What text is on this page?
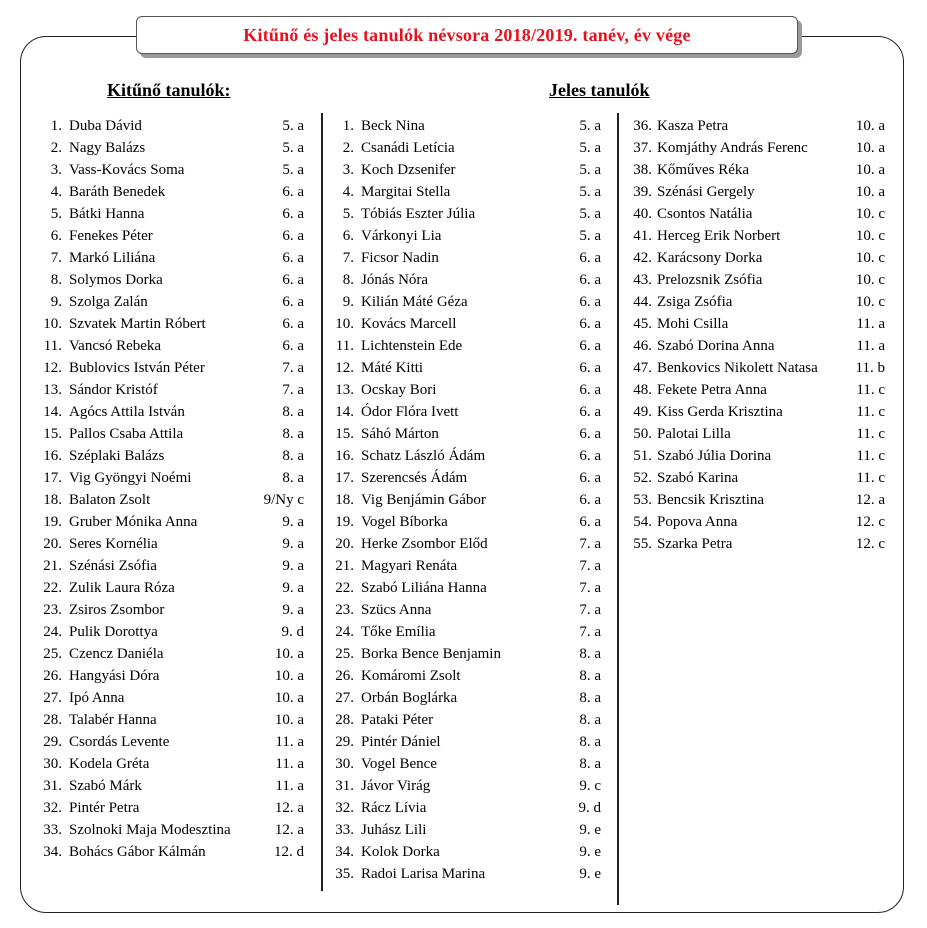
Kitűnő és jeles tanulók névsora 2018/2019. tanév, év vége
Kitűnő tanulók:	Jeles tanulók
1. Duba Dávid	5. a
2. Nagy Balázs	5. a
3. Vass-Kovács Soma	5. a
4. Baráth Benedek	6. a
5. Bátki Hanna	6. a
6. Fenekes Péter	6. a
7. Markó Liliána	6. a
8. Solymos Dorka	6. a
9. Szolga Zalán	6. a
10. Szvatek Martin Róbert	6. a
11. Vancsó Rebeka	6. a
12. Bublovics István Péter	7. a
13. Sándor Kristóf	7. a
14. Agócs Attila István	8. a
15. Pallos Csaba Attila	8. a
16. Széplaki Balázs	8. a
17. Vig Gyöngyi Noémi	8. a
18. Balaton Zsolt	9/Ny c
19. Gruber Mónika Anna	9. a
20. Seres Kornélia	9. a
21. Szénási Zsófia	9. a
22. Zulik Laura Róza	9. a
23. Zsiros Zsombor	9. a
24. Pulik Dorottya	9. d
25. Czencz Daniéla	10. a
26. Hangyási Dóra	10. a
27. Ipó Anna	10. a
28. Talabér Hanna	10. a
29. Csordás Levente	11. a
30. Kodela Gréta	11. a
31. Szabó Márk	11. a
32. Pintér Petra	12. a
33. Szolnoki Maja Modesztina	12. a
34. Bohács Gábor Kálmán	12. d
1. Beck Nina	5. a
2. Csanádi Letícia	5. a
3. Koch Dzsenifer	5. a
4. Margitai Stella	5. a
5. Tóbiás Eszter Júlia	5. a
6. Várkonyi Lia	5. a
7. Ficsor Nadin	6. a
8. Jónás Nóra	6. a
9. Kilián Máté Géza	6. a
10. Kovács Marcell	6. a
11. Lichtenstein Ede	6. a
12. Máté Kitti	6. a
13. Ocskay Bori	6. a
14. Ódor Flóra Ivett	6. a
15. Sáhó Márton	6. a
16. Schatz László Ádám	6. a
17. Szerencsés Ádám	6. a
18. Vig Benjámin Gábor	6. a
19. Vogel Bíborka	6. a
20. Herke Zsombor Előd	7. a
21. Magyari Renáta	7. a
22. Szabó Liliána Hanna	7. a
23. Szücs Anna	7. a
24. Tőke Emília	7. a
25. Borka Bence Benjamin	8. a
26. Komáromi Zsolt	8. a
27. Orbán Boglárka	8. a
28. Pataki Péter	8. a
29. Pintér Dániel	8. a
30. Vogel Bence	8. a
31. Jávor Virág	9. c
32. Rácz Lívia	9. d
33. Juhász Lili	9. e
34. Kolok Dorka	9. e
35. Radoi Larisa Marina	9. e
36. Kasza Petra	10. a
37. Komjáthy András Ferenc	10. a
38. Kőműves Réka	10. a
39. Szénási Gergely	10. a
40. Csontos Natália	10. c
41. Herceg Erik Norbert	10. c
42. Karácsony Dorka	10. c
43. Prelozsnik Zsófia	10. c
44. Zsiga Zsófia	10. c
45. Mohi Csilla	11. a
46. Szabó Dorina Anna	11. a
47. Benkovics Nikolett Natasa	11. b
48. Fekete Petra Anna	11. c
49. Kiss Gerda Krisztina	11. c
50. Palotai Lilla	11. c
51. Szabó Júlia Dorina	11. c
52. Szabó Karina	11. c
53. Bencsik Krisztina	12. a
54. Popova Anna	12. c
55. Szarka Petra	12. c
